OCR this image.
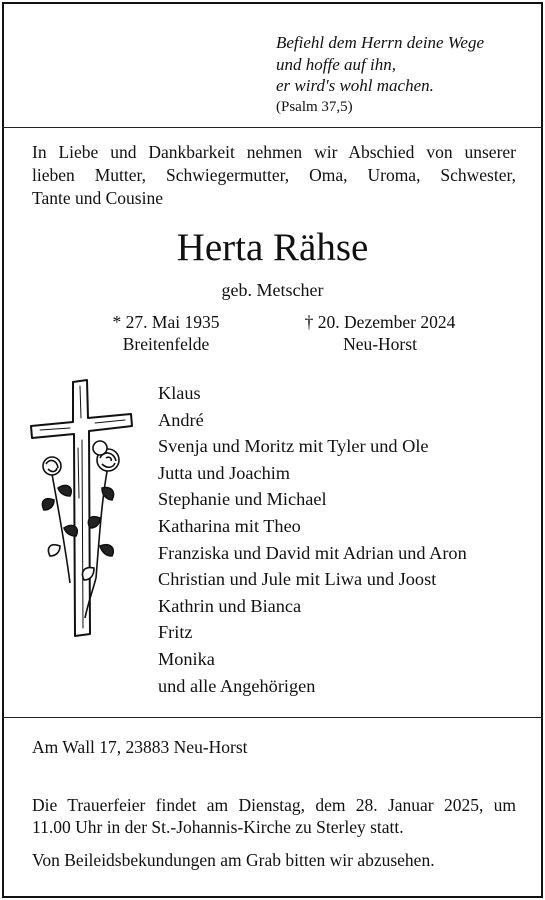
Befiehl dem Herrn deine Wege
und hoffe auf ihn,
er wird's wohl machen.
(Psalm 37,5)
In Liebe und Dankbarkeit nehmen wir Abschied von unserer
lieben Mutter, Schwiegermutter, Oma, Uroma, Schwester,
Tante und Cousine
Herta Rähse
geb. Metscher
* 27. Mai 1935
Breitenfelde
† 20. Dezember 2024
Neu-Horst
Klaus
André
Svenja und Moritz mit Tyler und Ole
Jutta und Joachim
Stephanie und Michael
Katharina mit Theo
Franziska und David mit Adrian und Aron
Christian und Jule mit Liwa und Joost
Kathrin und Bianca
Fritz
Monika
und alle Angehörigen
Am Wall 17, 23883 Neu-Horst
Die Trauerfeier findet am Dienstag, dem 28. Januar 2025, um
11.00 Uhr in der St.-Johannis-Kirche zu Sterley statt.
Von Beileidsbekundungen am Grab bitten wir abzusehen.
